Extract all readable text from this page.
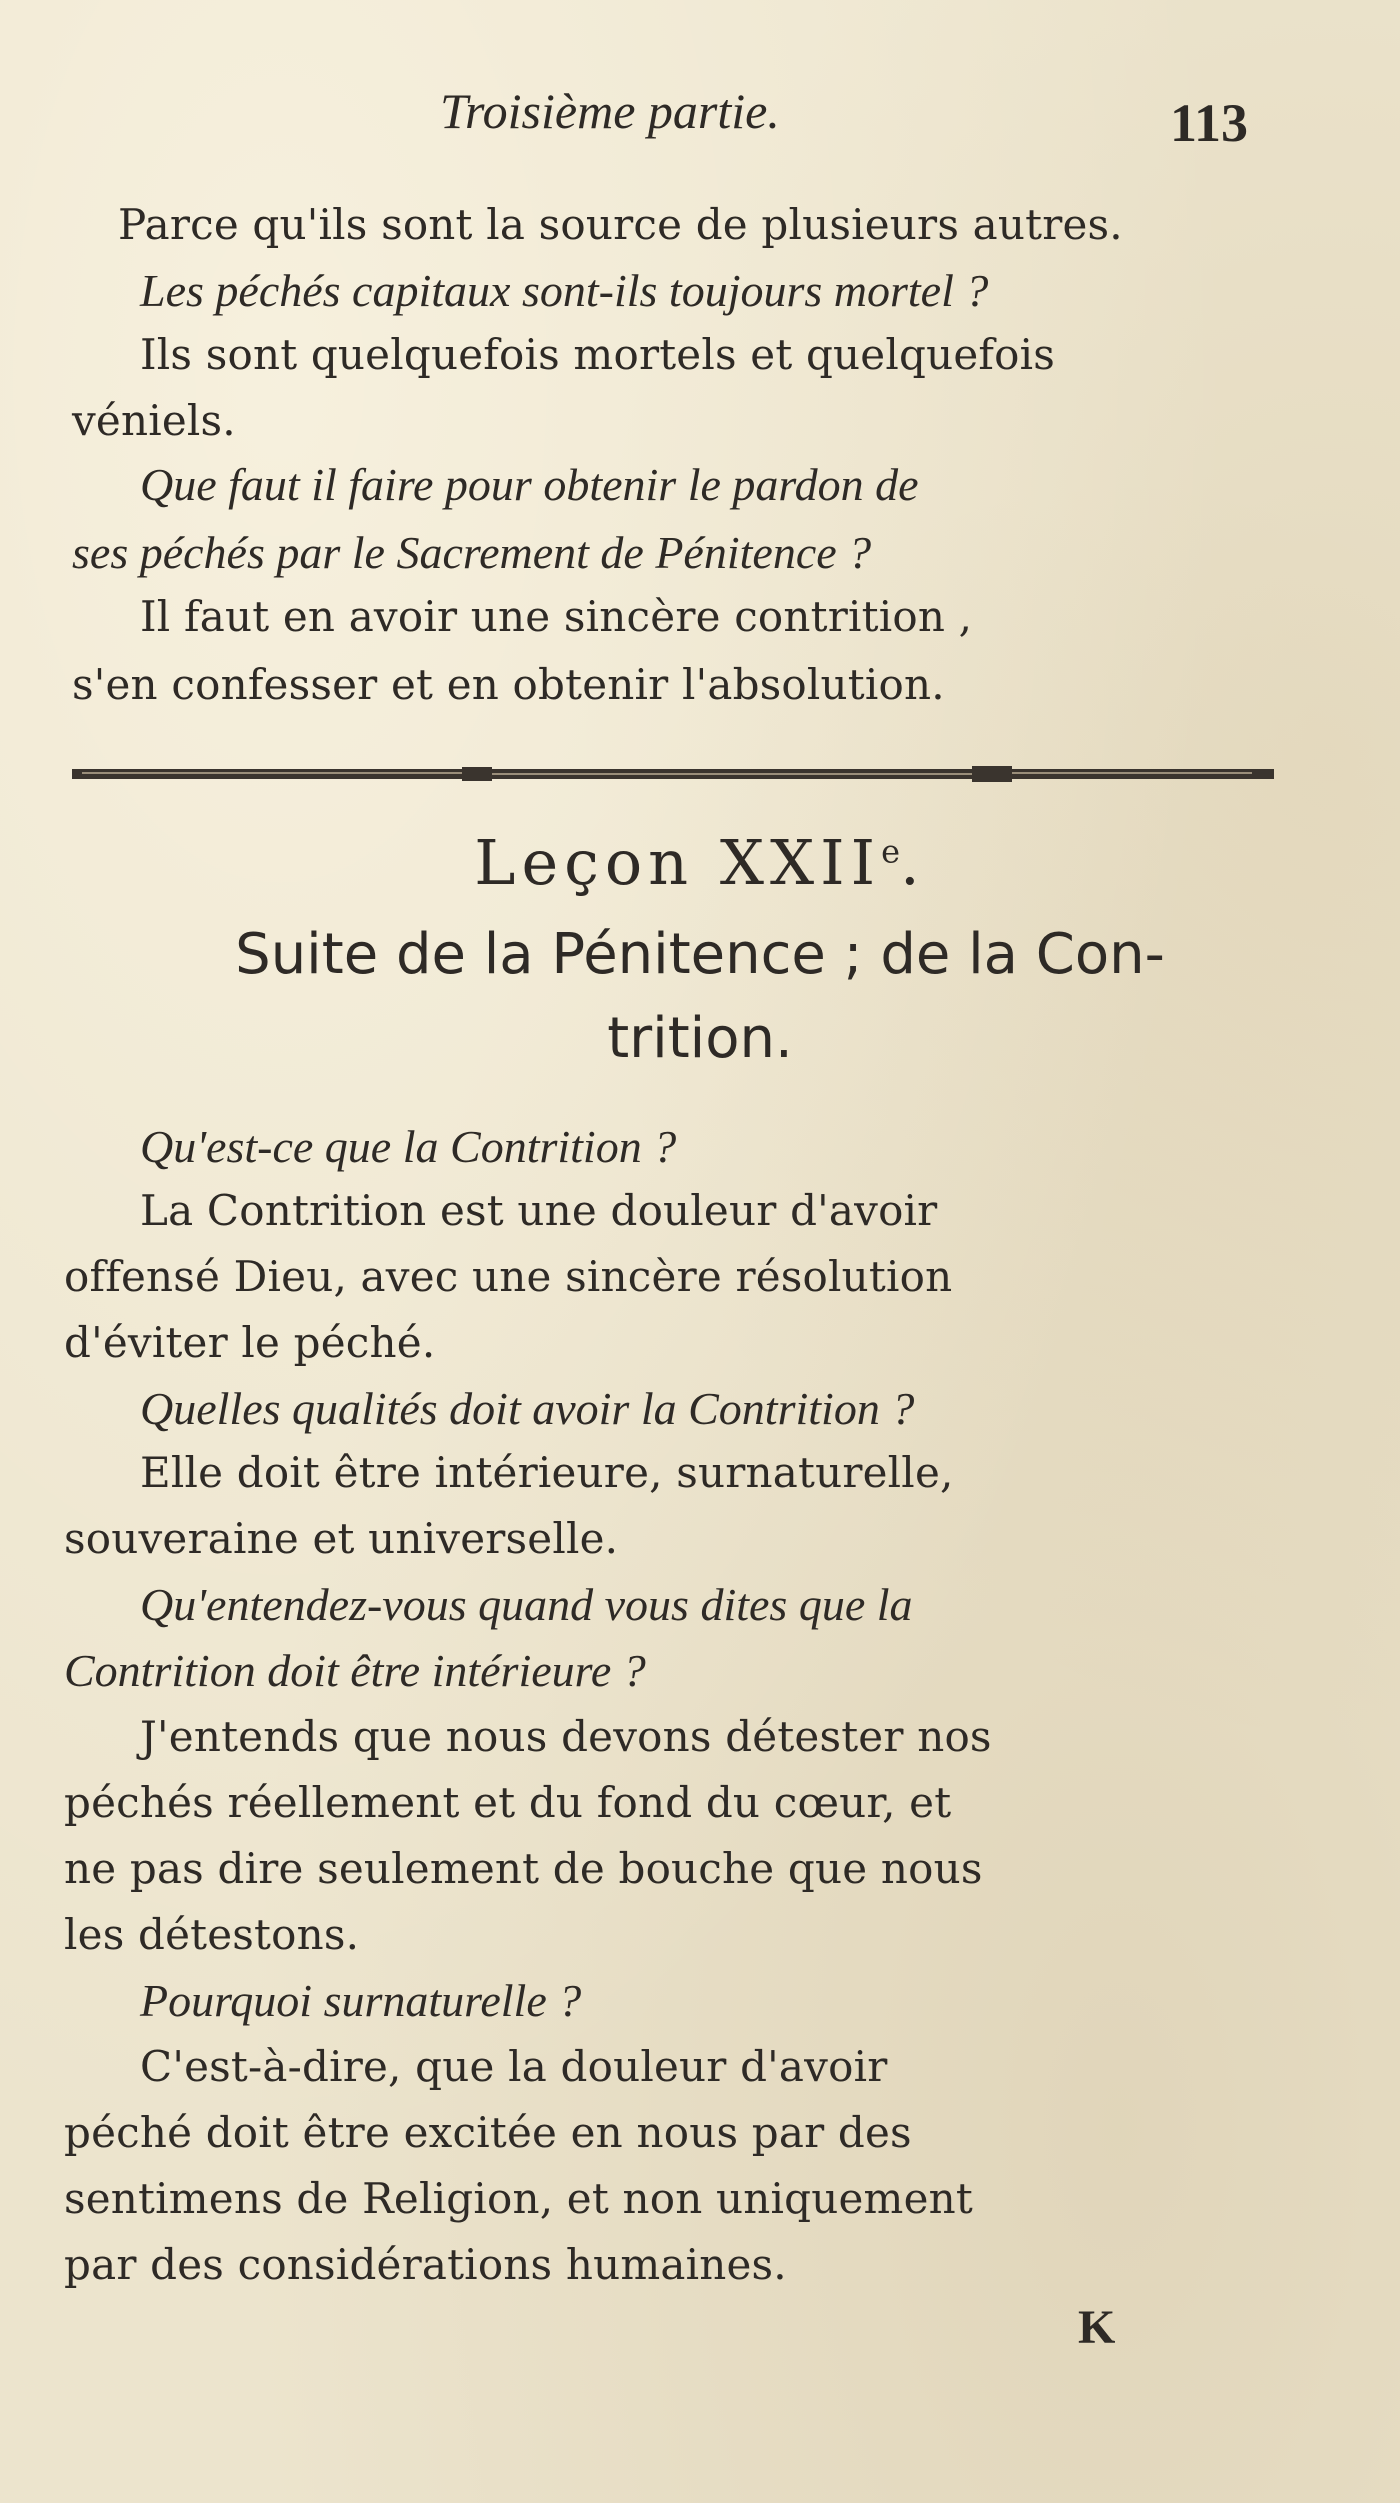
Troisième partie.	113
Parce qu'ils sont la source de plusieurs autres.
Les péchés capitaux sont-ils toujours mortel ?
Ils sont quelquefois mortels et quelquefois
véniels.
Que faut il faire pour obtenir le pardon de
ses péchés par le Sacrement de Pénitence ?
Il faut en avoir une sincère contrition ,
s'en confesser et en obtenir l'absolution.
Leçon XXIIe.
Suite de la Pénitence ; de la Con-
trition.
Qu'est-ce que la Contrition ?
La Contrition est une douleur d'avoir
offensé Dieu, avec une sincère résolution
d'éviter le péché.
Quelles qualités doit avoir la Contrition ?
Elle doit être intérieure, surnaturelle,
souveraine et universelle.
Qu'entendez-vous quand vous dites que la
Contrition doit être intérieure ?
J'entends que nous devons détester nos
péchés réellement et du fond du cœur, et
ne pas dire seulement de bouche que nous
les détestons.
Pourquoi surnaturelle ?
C'est-à-dire, que la douleur d'avoir
péché doit être excitée en nous par des
sentimens de Religion, et non uniquement
par des considérations humaines.
K
